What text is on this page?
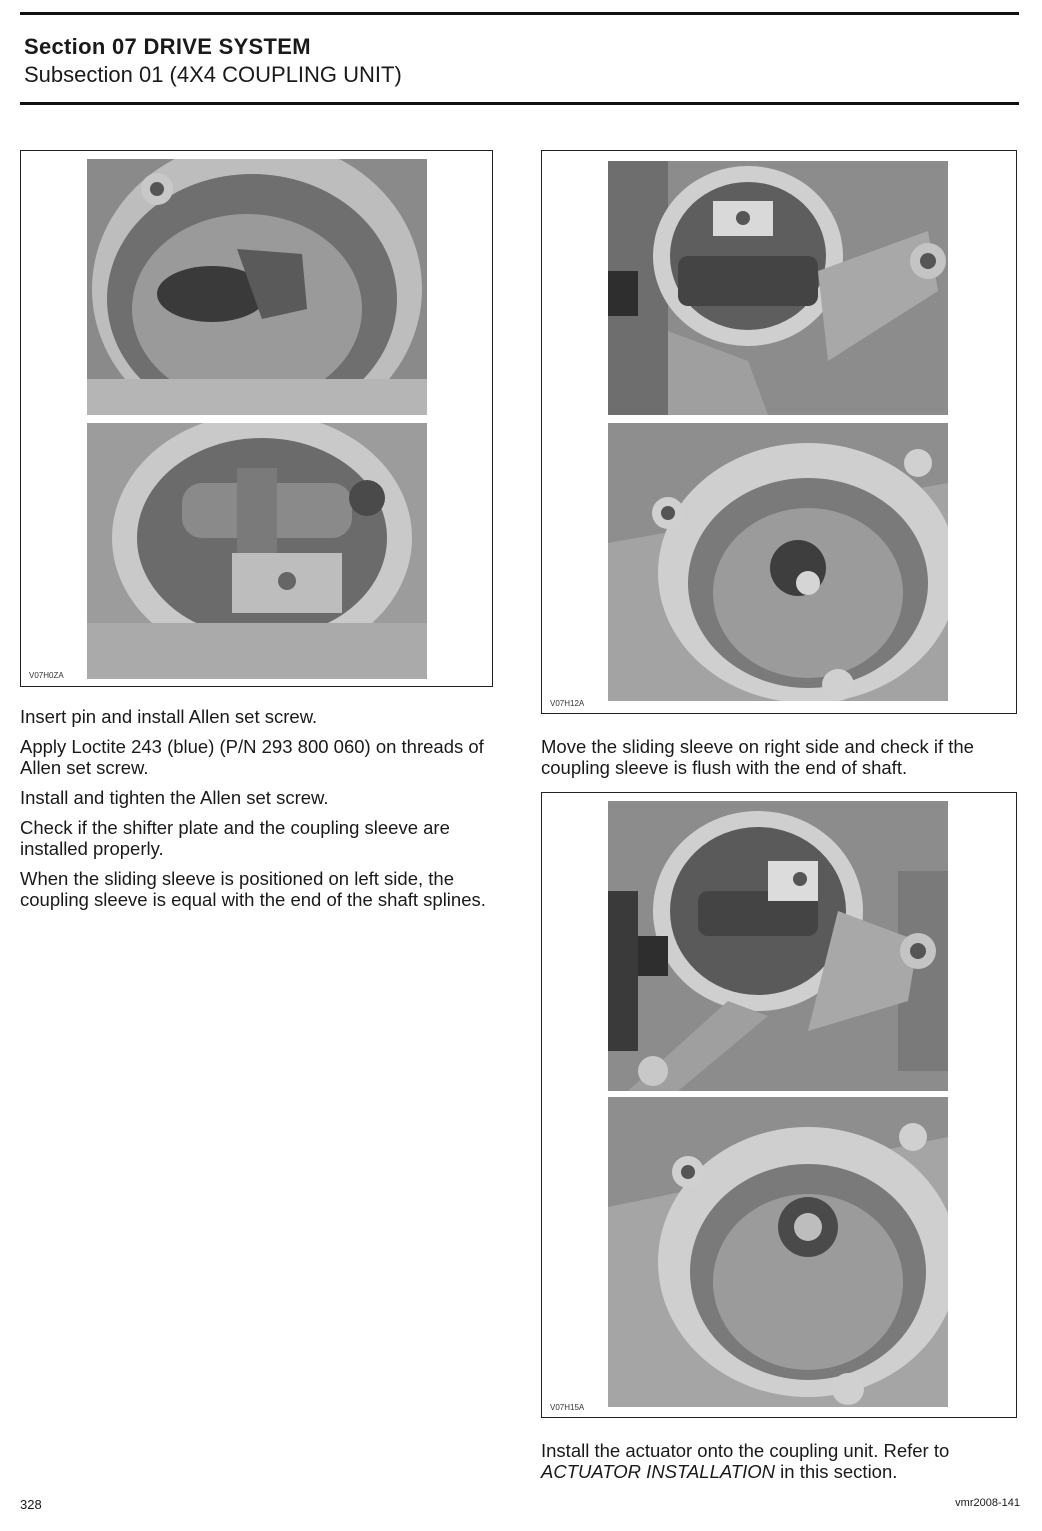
Section 07 DRIVE SYSTEM
Subsection 01 (4X4 COUPLING UNIT)
V07H0ZA
V07H12A
V07H15A

Insert pin and install Allen set screw.

Apply Loctite 243 (blue) (P/N 293 800 060) on threads of Allen set screw.

Install and tighten the Allen set screw.

Check if the shifter plate and the coupling sleeve are installed properly.

When the sliding sleeve is positioned on left side, the coupling sleeve is equal with the end of the shaft splines.

Move the sliding sleeve on right side and check if the coupling sleeve is flush with the end of shaft.

Install the actuator onto the coupling unit. Refer to ACTUATOR INSTALLATION in this section.

328	vmr2008-141
